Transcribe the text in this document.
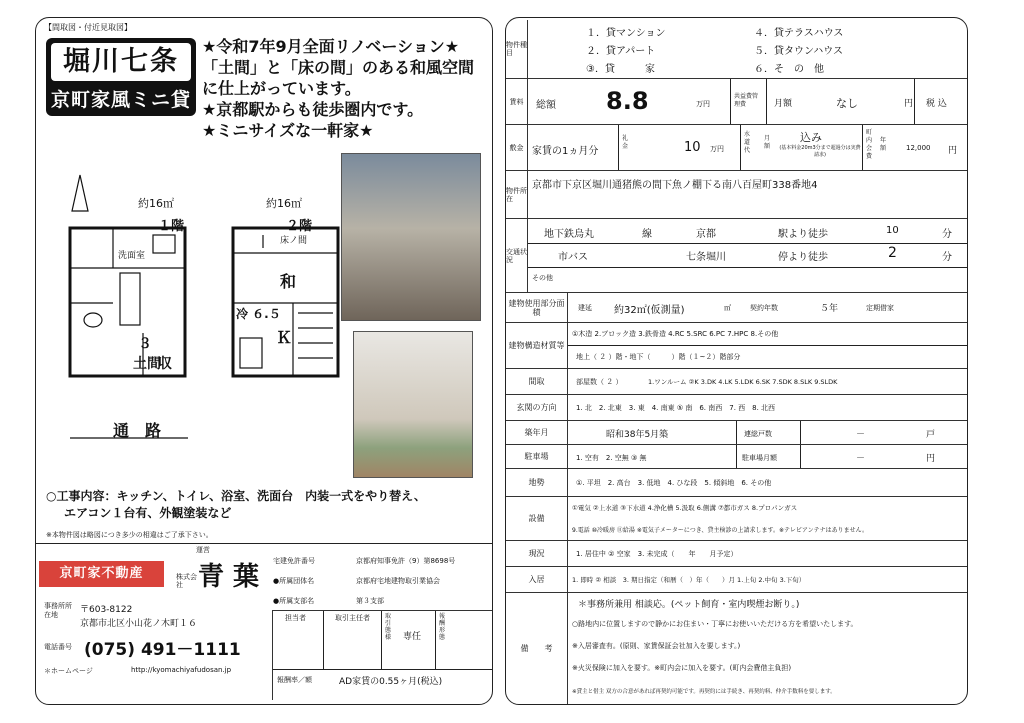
【間取図・付近見取図】
堀川七条
京町家風ミニ貸家
★令和7年9月全面リノベーション★
「土間」と「床の間」のある和風空間
に仕上がっています。
★京都駅からも徒歩圏内です。
★ミニサイズな一軒家★
約16㎡
１階
約16㎡
２階
洗面室
３
土間
収
床ノ間
和
冷 ６.５
Ｋ
通　路
○工事内容：キッチン、トイレ、浴室、洗面台　内装一式をやり替え、
エアコン１台有、外観塗装など
※本物件図は略図につき多少の相違はご了承下さい。
京町家不動産
運営
株式会社 青 葉
宅建免許番号	京都府知事免許（9）第8698号
●所属団体名	京都府宅地建物取引業協会
●所属支部名	第３支部
事務所所在地	〒603-8122
京都市北区小山花ノ木町１６
電話番号 (075) 491－1111
＊ホームページ	http://kyomachiyafudosan.jp
担当者	取引主任者	取引態様 専任
報酬形態
報酬率／額	AD家賃の0.55ヶ月(税込)
物件種目
１．貸マンション
２．貸アパート
③．貸　　　家
４．貸テラスハウス
５．貸タウンハウス
６．そ　の　他
賃料	総額 8.8	万円
共益費管理費	月額	なし	円 税 込
敷金 家賃の1ヵ月分
礼金	10 万円
水道代
月額
込み
(基本料金20m3分まで超過分は実費請求)
町内会費
年額	12,000 円
物件所在
京都市下京区堀川通猪熊の間下魚ノ棚下る南八百屋町338番地4
交通状況
地下鉄烏丸	線	京都	駅より徒歩	10	分
市バス	七条堀川	停より徒歩	2	分
その他
建物使用部分面積	建延 約32㎡(仮測量)	㎡	契約年数	５年	定期借家
建物構造材質等
①木造 2.ブロック造 3.鉄骨造 4.RC 5.SRC 6.PC 7.HPC 8.その他
地上（ ２ ）階・地下（　　　）階（１~２）階部分
間取	部屋数（ ２ ）	1.ワンルーム ②K 3.DK 4.LK 5.LDK 6.SK 7.SDK 8.SLK 9.SLDK
玄関の方向	1. 北　2. 北東　3. 東　4. 南東 ⑤ 南　6. 南西　7. 西　8. 北西
築年月	昭和38年5月築	連総戸数	－	戸
駐車場	1. 空有　2. 空無 ③ 無	駐車場月額	－	円
地勢	①. 平坦　2. 高台　3. 低地　4. ひな段　5. 傾斜地　6. その他
設備
①電気 ②上水道 ③下水道 4.浄化槽 5.汲取 6.側溝 ⑦都市ガス 8.プロパンガス
9.電話 ⑩冷暖房 ⑪給湯 ※電気子メーターにつき、貸主検診の上請求します。※テレビアンテナはありません。
現況	1. 居住中 ② 空家　3. 未完成（　　年　　月予定）
入居	1. 即時 ② 相談　3. 期日指定（和暦（　）年（　　）月 1.上旬 2.中旬 3.下旬）
備　　考
＊事務所兼用 相談応。(ペット飼育・室内喫煙お断り。)
○路地内に位置しますので静かにお住まい・丁寧にお使いいただける方を希望いたします。
※入居審査有。(原則、家賃保証会社加入を要します。)
※火災保険に加入を要す。※町内会に加入を要す。(町内会費借主負担)
※貸主と借主 双方の合意があれば再契約可能です。再契約には手続き、再契約料、仲介手数料を要します。
